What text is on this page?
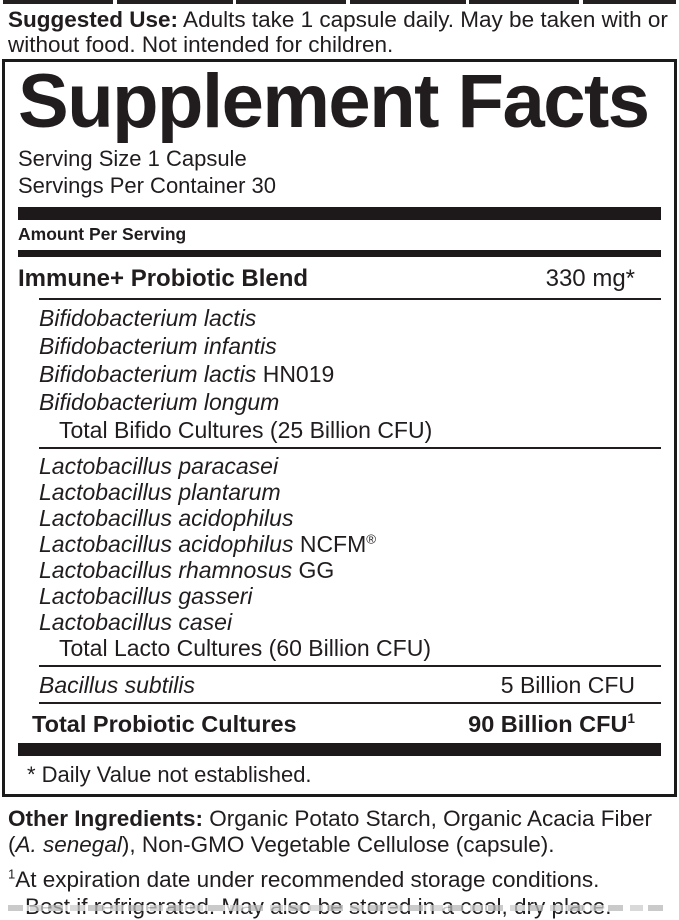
Suggested Use: Adults take 1 capsule daily. May be taken with or
without food. Not intended for children.

Supplement Facts
Serving Size 1 Capsule
Servings Per Container 30
Amount Per Serving
Immune+ Probiotic Blend	330 mg*
Bifidobacterium lactis
Bifidobacterium infantis
Bifidobacterium lactis HN019
Bifidobacterium longum
Total Bifido Cultures (25 Billion CFU)
Lactobacillus paracasei
Lactobacillus plantarum
Lactobacillus acidophilus
Lactobacillus acidophilus NCFM®
Lactobacillus rhamnosus GG
Lactobacillus gasseri
Lactobacillus casei
Total Lacto Cultures (60 Billion CFU)
Bacillus subtilis	5 Billion CFU
Total Probiotic Cultures	90 Billion CFU$^1$
* Daily Value not established.

Other Ingredients: Organic Potato Starch, Organic Acacia Fiber
(A. senegal), Non-GMO Vegetable Cellulose (capsule).

$^1$At expiration date under recommended storage conditions.
